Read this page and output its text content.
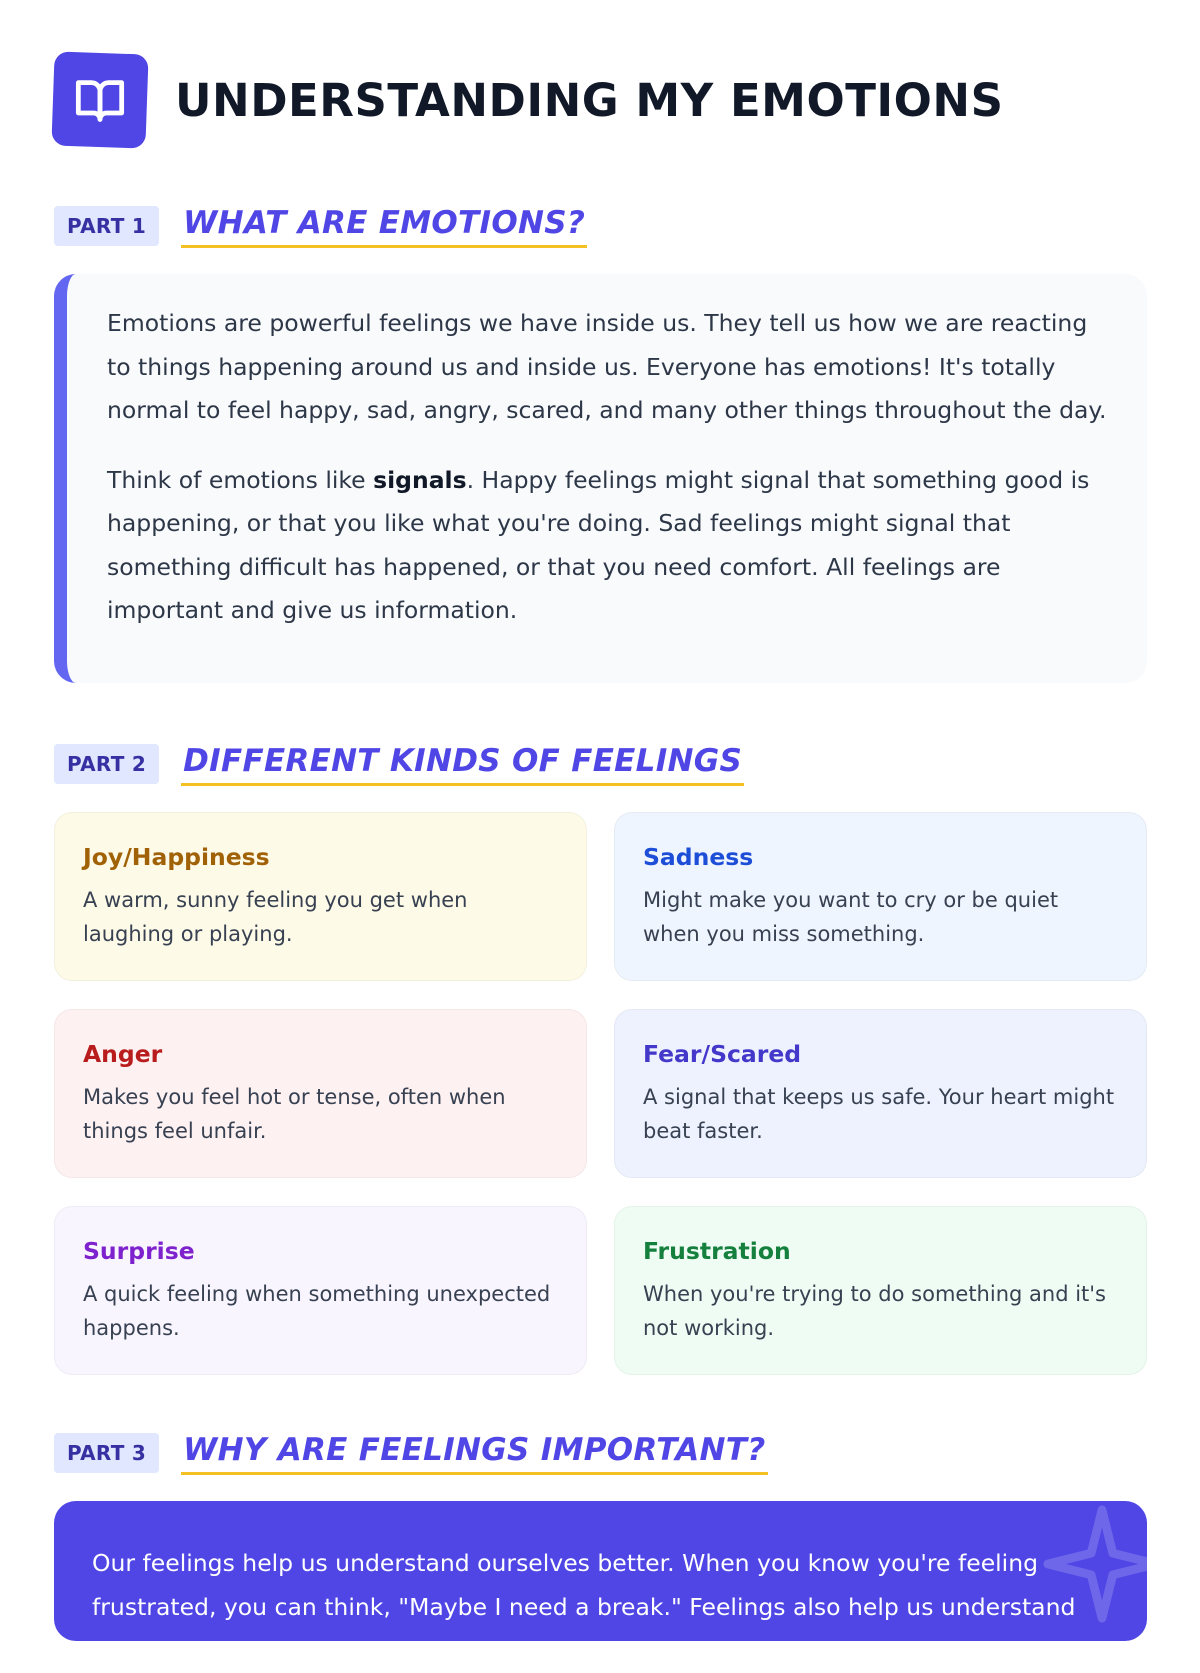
UNDERSTANDING MY EMOTIONS
PART 1	WHAT ARE EMOTIONS?

Emotions are powerful feelings we have inside us. They tell us how we are reacting to things happening around us and inside us. Everyone has emotions! It's totally normal to feel happy, sad, angry, scared, and many other things throughout the day.

Think of emotions like signals. Happy feelings might signal that something good is happening, or that you like what you're doing. Sad feelings might signal that something difficult has happened, or that you need comfort. All feelings are important and give us information.

PART 2	DIFFERENT KINDS OF FEELINGS
Joy/Happiness
A warm, sunny feeling you get when laughing or playing.
Sadness
Might make you want to cry or be quiet when you miss something.
Anger
Makes you feel hot or tense, often when things feel unfair.
Fear/Scared
A signal that keeps us safe. Your heart might beat faster.
Surprise
A quick feeling when something unexpected happens.
Frustration
When you're trying to do something and it's not working.
PART 3	WHY ARE FEELINGS IMPORTANT?

Our feelings help us understand ourselves better. When you know you're feeling frustrated, you can think, "Maybe I need a break." Feelings also help us understand others.
